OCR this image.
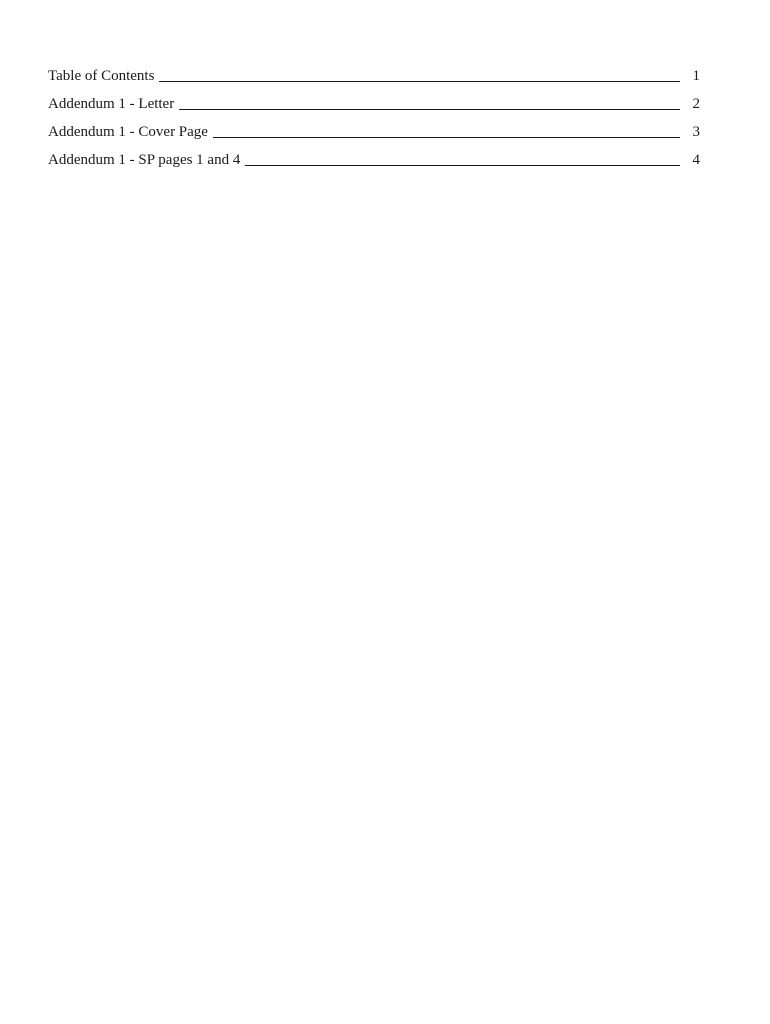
Table of Contents	1
Addendum 1 - Letter	2
Addendum 1 - Cover Page	3
Addendum 1 - SP pages 1 and 4	4
